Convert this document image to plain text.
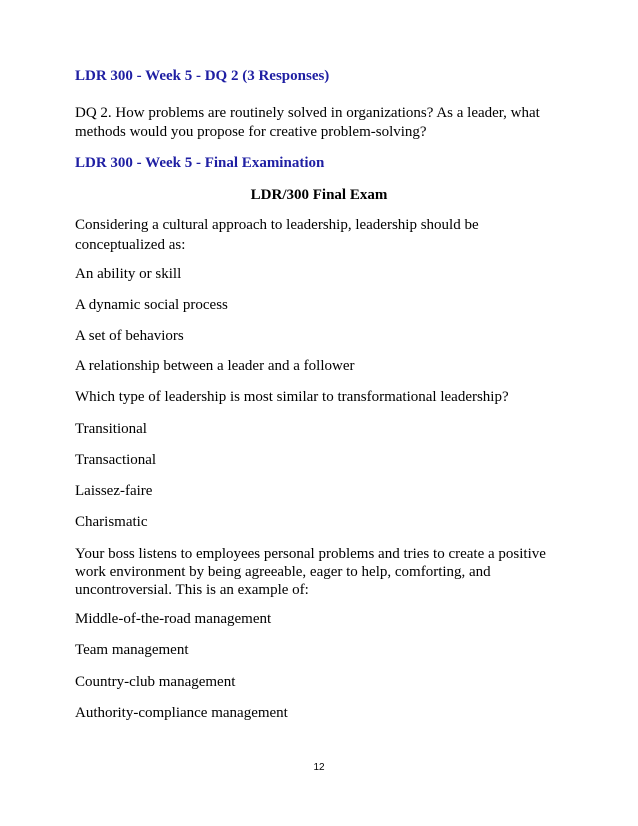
LDR 300 - Week 5 - DQ 2 (3 Responses)
DQ 2. How problems are routinely solved in organizations? As a leader, what methods would you propose for creative problem-solving?
LDR 300 - Week 5 - Final Examination
LDR/300 Final Exam
Considering a cultural approach to leadership, leadership should be conceptualized as:
An ability or skill
A dynamic social process
A set of behaviors
A relationship between a leader and a follower
Which type of leadership is most similar to transformational leadership?
Transitional
Transactional
Laissez-faire
Charismatic
Your boss listens to employees personal problems and tries to create a positive work environment by being agreeable, eager to help, comforting, and uncontroversial. This is an example of:
Middle-of-the-road management
Team management
Country-club management
Authority-compliance management
12
